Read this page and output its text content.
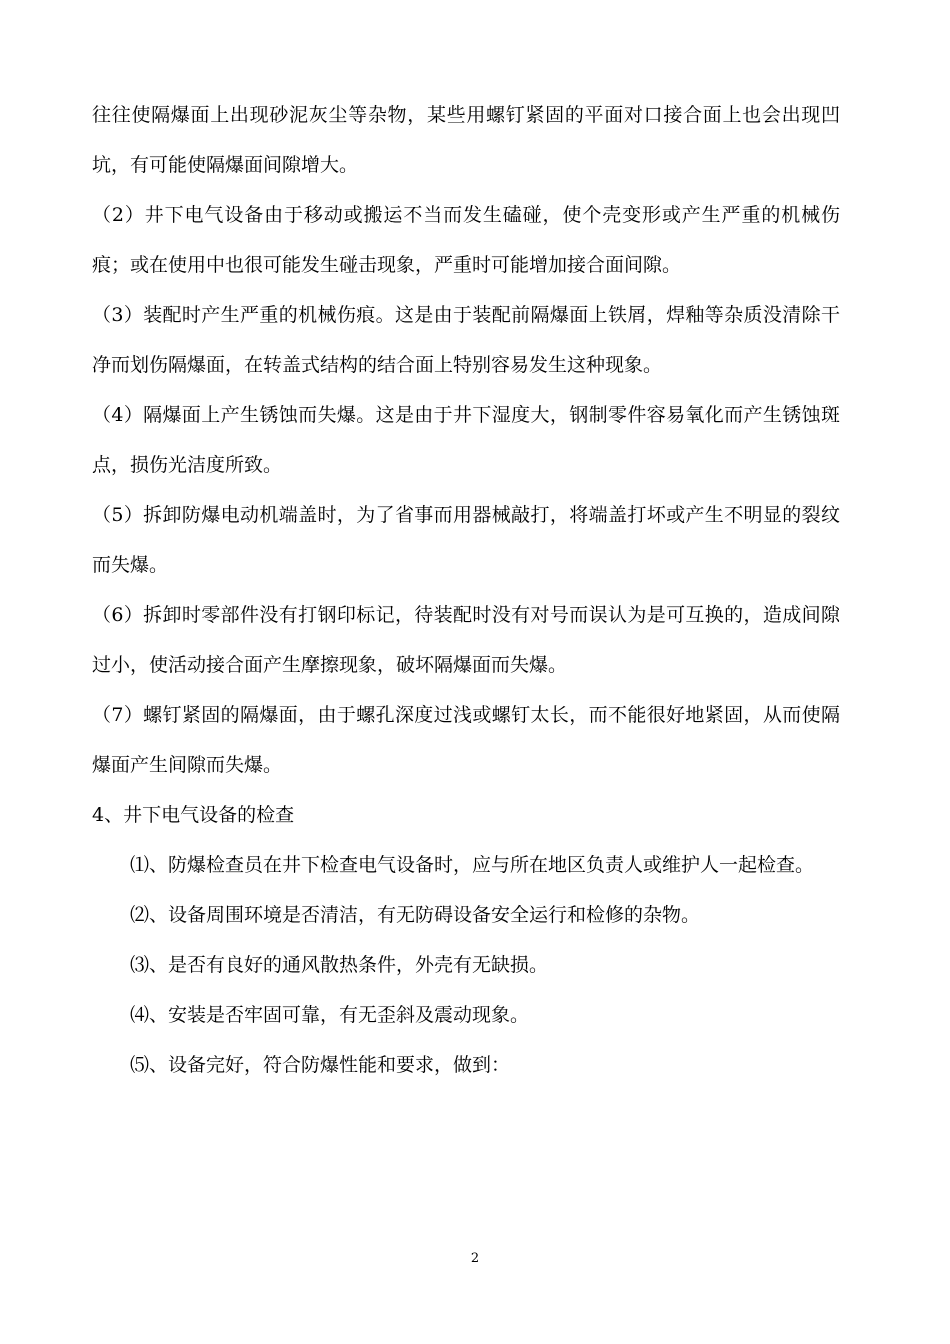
往往使隔爆面上出现砂泥灰尘等杂物，某些用螺钉紧固的平面对口接合面上也会出现凹坑，有可能使隔爆面间隙增大。

（2）井下电气设备由于移动或搬运不当而发生磕碰，使个壳变形或产生严重的机械伤痕；或在使用中也很可能发生碰击现象，严重时可能增加接合面间隙。

（3）装配时产生严重的机械伤痕。这是由于装配前隔爆面上铁屑，焊釉等杂质没清除干净而划伤隔爆面，在转盖式结构的结合面上特别容易发生这种现象。

（4）隔爆面上产生锈蚀而失爆。这是由于井下湿度大，钢制零件容易氧化而产生锈蚀斑点，损伤光洁度所致。

（5）拆卸防爆电动机端盖时，为了省事而用器械敲打，将端盖打坏或产生不明显的裂纹而失爆。

（6）拆卸时零部件没有打钢印标记，待装配时没有对号而误认为是可互换的，造成间隙过小，使活动接合面产生摩擦现象，破坏隔爆面而失爆。

（7）螺钉紧固的隔爆面，由于螺孔深度过浅或螺钉太长，而不能很好地紧固，从而使隔爆面产生间隙而失爆。

4、井下电气设备的检查

⑴、防爆检查员在井下检查电气设备时，应与所在地区负责人或维护人一起检查。

⑵、设备周围环境是否清洁，有无防碍设备安全运行和检修的杂物。

⑶、是否有良好的通风散热条件，外壳有无缺损。

⑷、安装是否牢固可靠，有无歪斜及震动现象。

⑸、设备完好，符合防爆性能和要求，做到：

2
